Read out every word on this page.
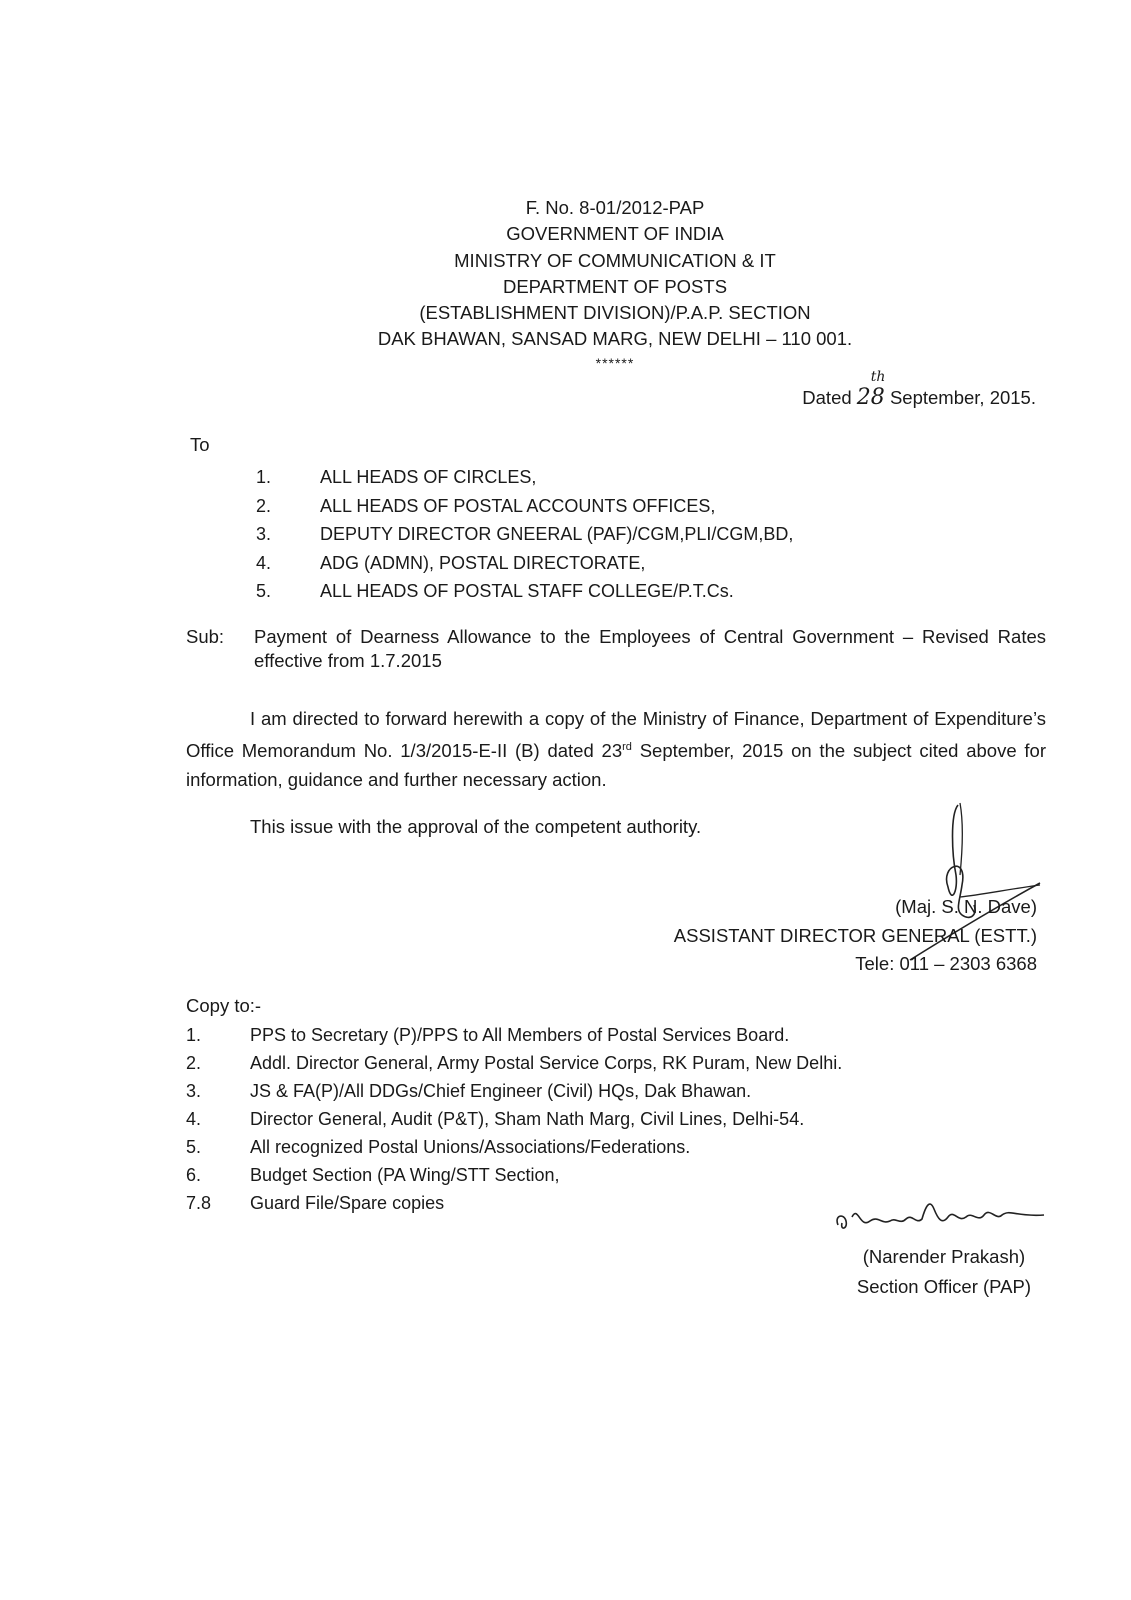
F. No. 8-01/2012-PAP
GOVERNMENT OF INDIA
MINISTRY OF COMMUNICATION & IT
DEPARTMENT OF POSTS
(ESTABLISHMENT DIVISION)/P.A.P. SECTION
DAK BHAWAN, SANSAD MARG, NEW DELHI – 110 001.
******
Dated 28
th
September, 2015.
To
1.	ALL HEADS OF CIRCLES,
2.	ALL HEADS OF POSTAL ACCOUNTS OFFICES,
3.	DEPUTY DIRECTOR GNEERAL (PAF)/CGM,PLI/CGM,BD,
4.	ADG (ADMN), POSTAL DIRECTORATE,
5.	ALL HEADS OF POSTAL STAFF COLLEGE/P.T.Cs.
Sub: Payment of Dearness Allowance to the Employees of Central Government – Revised Rates effective from 1.7.2015
I am directed to forward herewith a copy of the Ministry of Finance, Department of Expenditure’s Office Memorandum No. 1/3/2015-E-II (B) dated 23rd September, 2015 on the subject cited above for information, guidance and further necessary action.
This issue with the approval of the competent authority.
(Maj. S. N. Dave)
ASSISTANT DIRECTOR GENERAL (ESTT.)
Tele: 011 – 2303 6368
Copy to:-
1.	PPS to Secretary (P)/PPS to All Members of Postal Services Board.
2.	Addl. Director General, Army Postal Service Corps, RK Puram, New Delhi.
3.	JS & FA(P)/All DDGs/Chief Engineer (Civil) HQs, Dak Bhawan.
4.	Director General, Audit (P&T), Sham Nath Marg, Civil Lines, Delhi-54.
5.	All recognized Postal Unions/Associations/Federations.
6.	Budget Section (PA Wing/STT Section,
7.8 Guard File/Spare copies
(Narender Prakash)
Section Officer (PAP)
